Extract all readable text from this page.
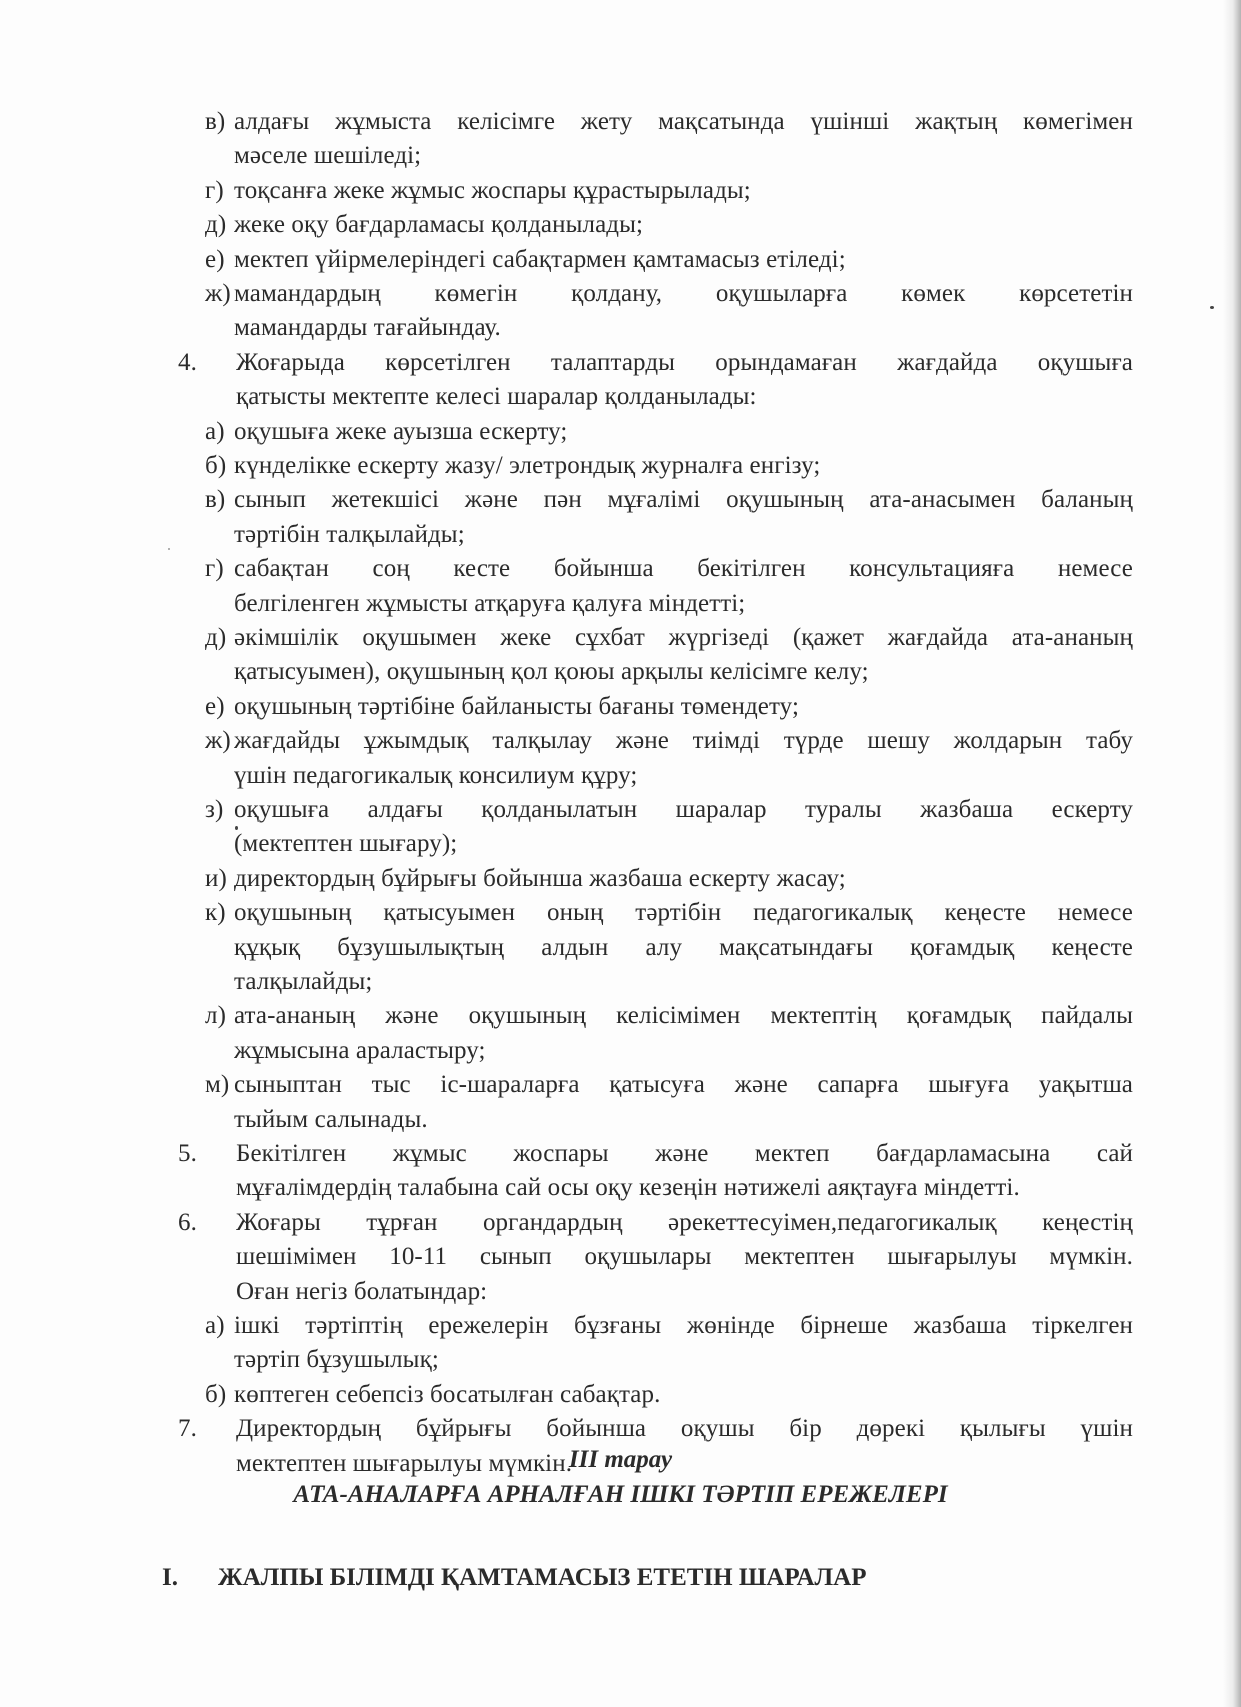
в) алдағы жұмыста келісімге жету мақсатында үшінші жақтың көмегімен
мәселе шешіледі;
г) тоқсанға жеке жұмыс жоспары құрастырылады;
д) жеке оқу бағдарламасы қолданылады;
е) мектеп үйірмелеріндегі сабақтармен қамтамасыз етіледі;
ж) мамандардың көмегін қолдану, оқушыларға көмек көрсететін
мамандарды тағайындау.
4. Жоғарыда көрсетілген талаптарды орындамаған жағдайда оқушыға
қатысты мектепте келесі шаралар қолданылады:
а) оқушыға жеке ауызша ескерту;
б) күнделікке ескерту жазу/ элетрондық журналға енгізу;
в) сынып жетекшісі және пән мұғалімі оқушының ата-анасымен баланың
тәртібін талқылайды;
г) сабақтан соң кесте бойынша бекітілген консультацияға немесе
белгіленген жұмысты атқаруға қалуға міндетті;
д) әкімшілік оқушымен жеке сұхбат жүргізеді (қажет жағдайда ата-ананың
қатысуымен), оқушының қол қоюы арқылы келісімге келу;
е) оқушының тәртібіне байланысты бағаны төмендету;
ж) жағдайды ұжымдық талқылау және тиімді түрде шешу жолдарын табу
үшін педагогикалық консилиум құру;
з) оқушыға алдағы қолданылатын шаралар туралы жазбаша ескерту
(мектептен шығару);
и) директордың бұйрығы бойынша жазбаша ескерту жасау;
к) оқушының қатысуымен оның тәртібін педагогикалық кеңесте немесе
құқық бұзушылықтың алдын алу мақсатындағы қоғамдық кеңесте
талқылайды;
л) ата-ананың және оқушының келісімімен мектептің қоғамдық пайдалы
жұмысына араластыру;
м) сыныптан тыс іс-шараларға қатысуға және сапарға шығуға уақытша
тыйым салынады.
5. Бекітілген жұмыс жоспары және мектеп бағдарламасына сай
мұғалімдердің талабына сай осы оқу кезеңін нәтижелі аяқтауға міндетті.
6. Жоғары тұрған органдардың әрекеттесуімен,педагогикалық кеңестің
шешімімен 10-11 сынып оқушылары мектептен шығарылуы мүмкін.
Оған негіз болатындар:
а) ішкі тәртіптің ережелерін бұзғаны жөнінде бірнеше жазбаша тіркелген
тәртіп бұзушылық;
б) көптеген себепсіз босатылған сабақтар.
7. Директордың бұйрығы бойынша оқушы бір дөрекі қылығы үшін
мектептен шығарылуы мүмкін.
III тарау
АТА-АНАЛАРҒА АРНАЛҒАН ІШКІ ТӘРТІП ЕРЕЖЕЛЕРІ
I. ЖАЛПЫ БІЛІМДІ ҚАМТАМАСЫЗ ЕТЕТІН ШАРАЛАР
